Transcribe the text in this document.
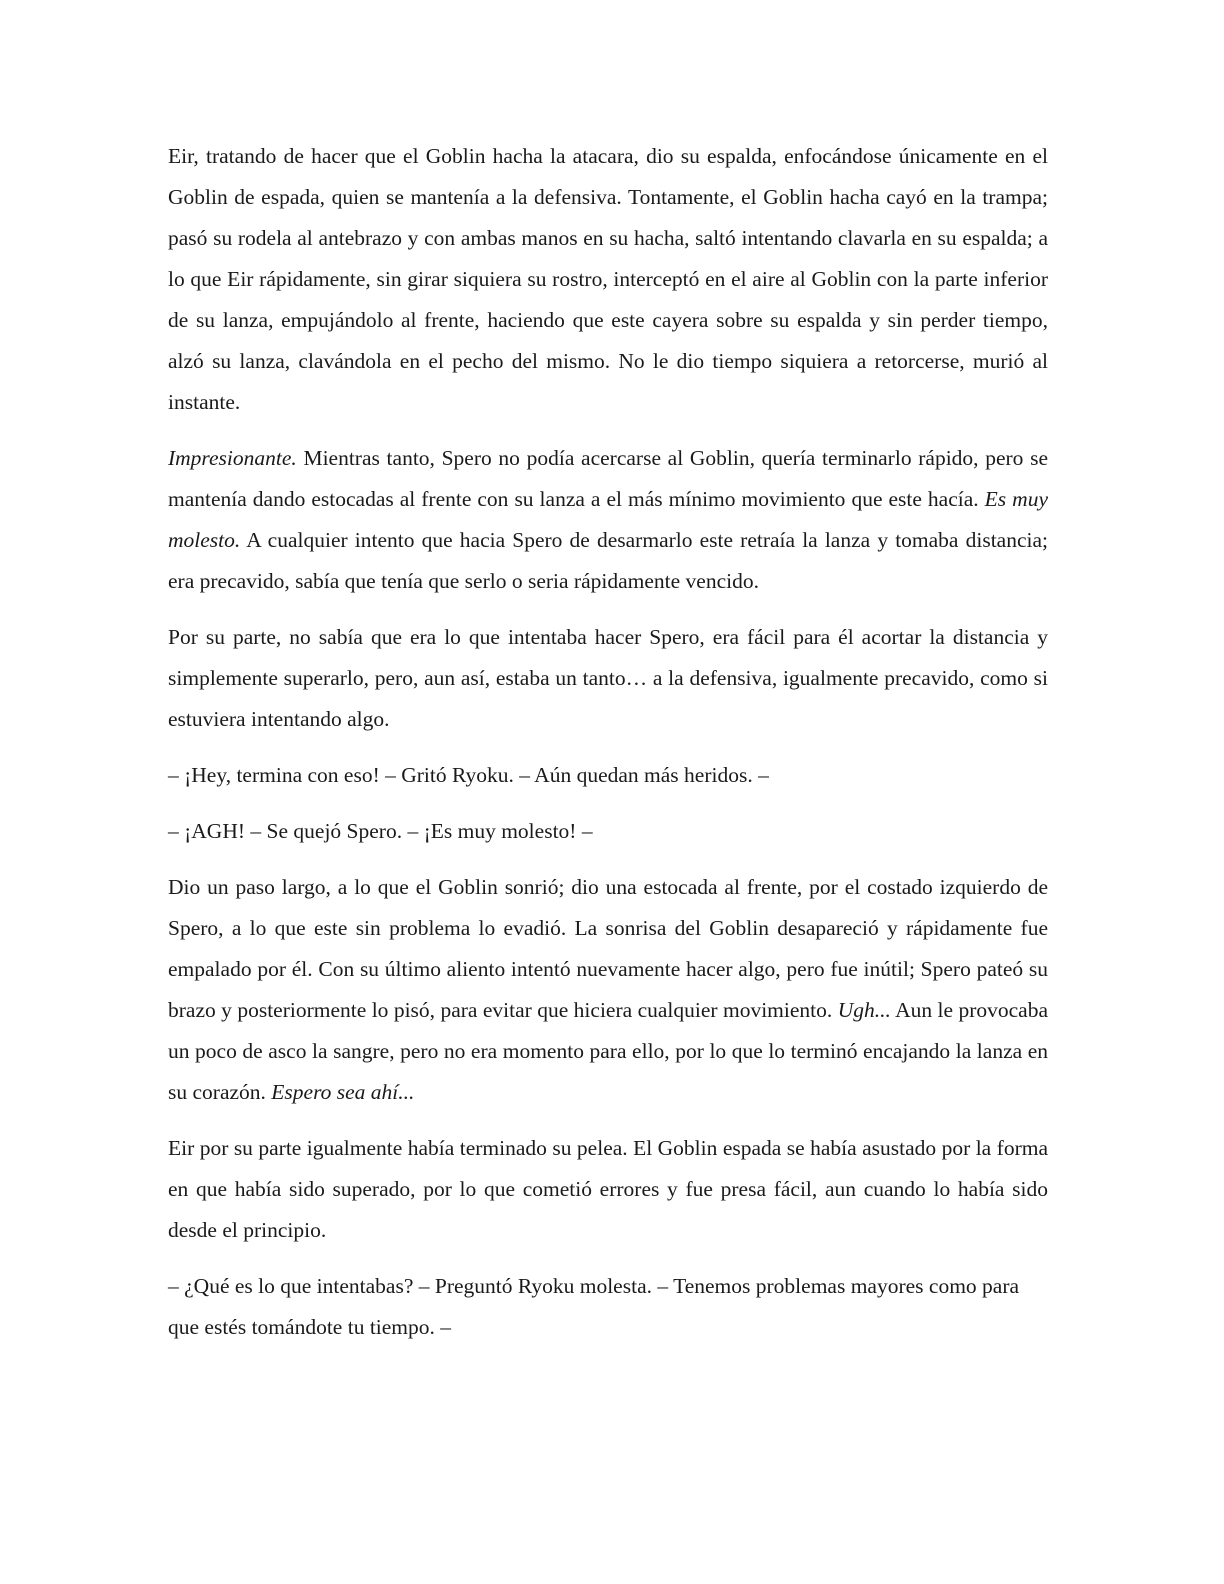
Eir, tratando de hacer que el Goblin hacha la atacara, dio su espalda, enfocándose únicamente en el Goblin de espada, quien se mantenía a la defensiva. Tontamente, el Goblin hacha cayó en la trampa; pasó su rodela al antebrazo y con ambas manos en su hacha, saltó intentando clavarla en su espalda; a lo que Eir rápidamente, sin girar siquiera su rostro, interceptó en el aire al Goblin con la parte inferior de su lanza, empujándolo al frente, haciendo que este cayera sobre su espalda y sin perder tiempo, alzó su lanza, clavándola en el pecho del mismo. No le dio tiempo siquiera a retorcerse, murió al instante.

Impresionante. Mientras tanto, Spero no podía acercarse al Goblin, quería terminarlo rápido, pero se mantenía dando estocadas al frente con su lanza a el más mínimo movimiento que este hacía. Es muy molesto. A cualquier intento que hacia Spero de desarmarlo este retraía la lanza y tomaba distancia; era precavido, sabía que tenía que serlo o seria rápidamente vencido.

Por su parte, no sabía que era lo que intentaba hacer Spero, era fácil para él acortar la distancia y simplemente superarlo, pero, aun así, estaba un tanto… a la defensiva, igualmente precavido, como si estuviera intentando algo.

– ¡Hey, termina con eso! – Gritó Ryoku. – Aún quedan más heridos. –

– ¡AGH! – Se quejó Spero. – ¡Es muy molesto! –

Dio un paso largo, a lo que el Goblin sonrió; dio una estocada al frente, por el costado izquierdo de Spero, a lo que este sin problema lo evadió. La sonrisa del Goblin desapareció y rápidamente fue empalado por él. Con su último aliento intentó nuevamente hacer algo, pero fue inútil; Spero pateó su brazo y posteriormente lo pisó, para evitar que hiciera cualquier movimiento. Ugh... Aun le provocaba un poco de asco la sangre, pero no era momento para ello, por lo que lo terminó encajando la lanza en su corazón. Espero sea ahí...

Eir por su parte igualmente había terminado su pelea. El Goblin espada se había asustado por la forma en que había sido superado, por lo que cometió errores y fue presa fácil, aun cuando lo había sido desde el principio.

– ¿Qué es lo que intentabas? – Preguntó Ryoku molesta. – Tenemos problemas mayores como para que estés tomándote tu tiempo. –
